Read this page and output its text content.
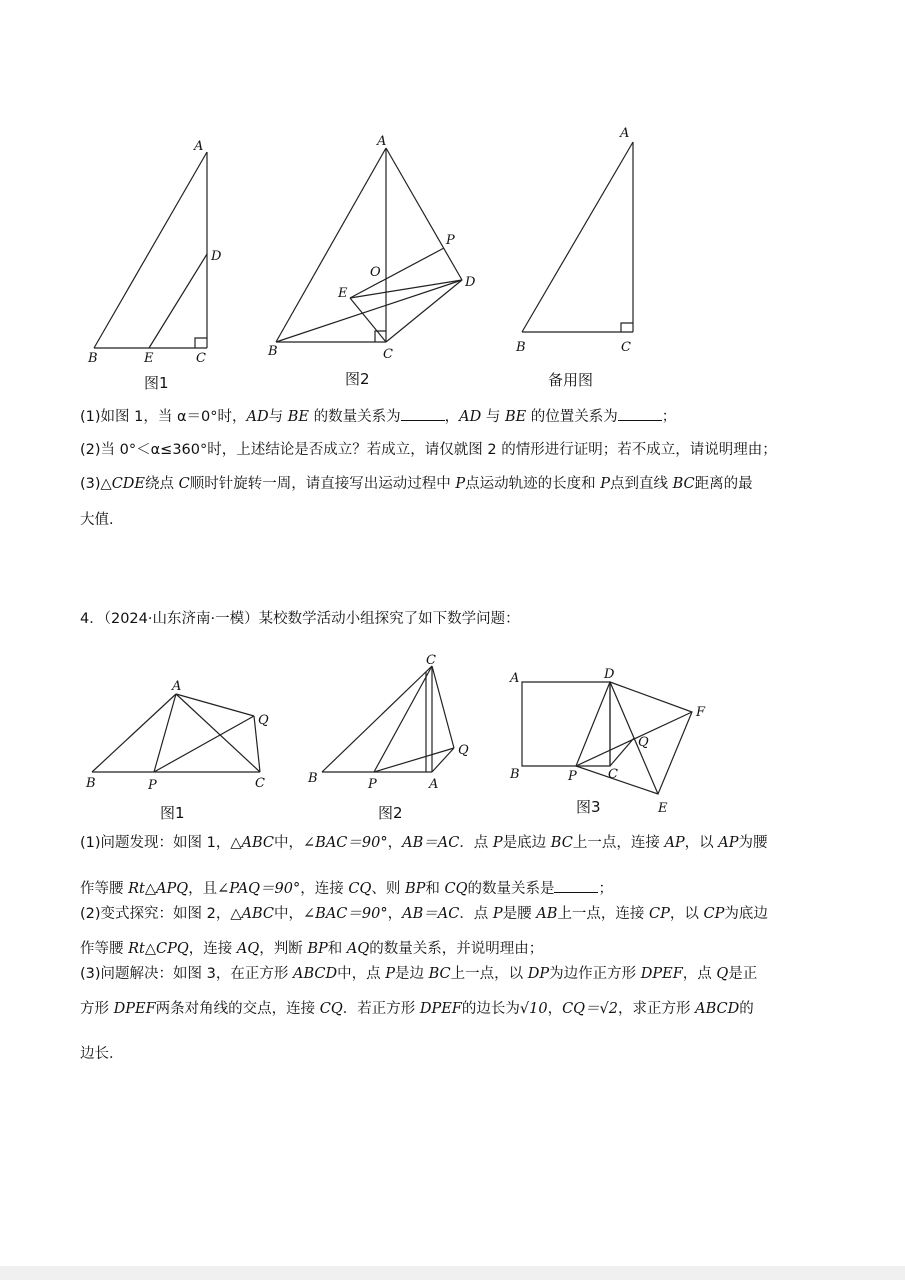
A
D
B	E	C
图1
A
P
O
D
E
B	C
图2
A
B	C
备用图
(1)如图 1，当 α＝0°时，AD与 BE 的数量关系为	，AD 与 BE 的位置关系为	；
(2)当 0°＜α≤360°时，上述结论是否成立？若成立，请仅就图 2 的情形进行证明；若不成立，请说明理由；
(3)△CDE绕点 C顺时针旋转一周，请直接写出运动过程中 P点运动轨迹的长度和 P点到直线 BC距离的最
大值.
4．（2024·山东济南·一模）某校数学活动小组探究了如下数学问题：
A
Q
B	P	C
图1
C
Q
B	P	A
图2
A	D
F
Q
B	P C
E
图3
(1)问题发现：如图 1，△ABC中，∠BAC＝90°，AB＝AC．点 P是底边 BC上一点，连接 AP，以 AP为腰
作等腰 Rt△APQ，且∠PAQ＝90°，连接 CQ、则 BP和 CQ的数量关系是	；
(2)变式探究：如图 2，△ABC中，∠BAC＝90°，AB＝AC．点 P是腰 AB上一点，连接 CP，以 CP为底边
作等腰 Rt△CPQ，连接 AQ，判断 BP和 AQ的数量关系，并说明理由；
(3)问题解决：如图 3，在正方形 ABCD中，点 P是边 BC上一点，以 DP为边作正方形 DPEF，点 Q是正
方形 DPEF两条对角线的交点，连接 CQ．若正方形 DPEF的边长为√10，CQ＝√2，求正方形 ABCD的
边长．
